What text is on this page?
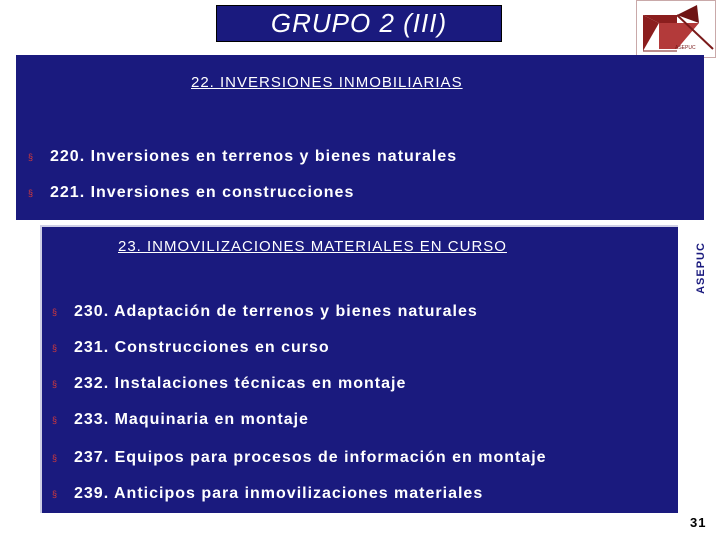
GRUPO 2 (III)
ASEPUC
ASEPUC
22. INVERSIONES INMOBILIARIAS
§	220. Inversiones en terrenos y bienes naturales
§	221. Inversiones en construcciones
23. INMOVILIZACIONES MATERIALES EN CURSO
§	230. Adaptación de terrenos y bienes naturales
§	231. Construcciones en curso
§	232. Instalaciones técnicas en montaje
§	233. Maquinaria en montaje
§	237. Equipos para procesos de información en montaje
§	239. Anticipos para inmovilizaciones materiales
31
